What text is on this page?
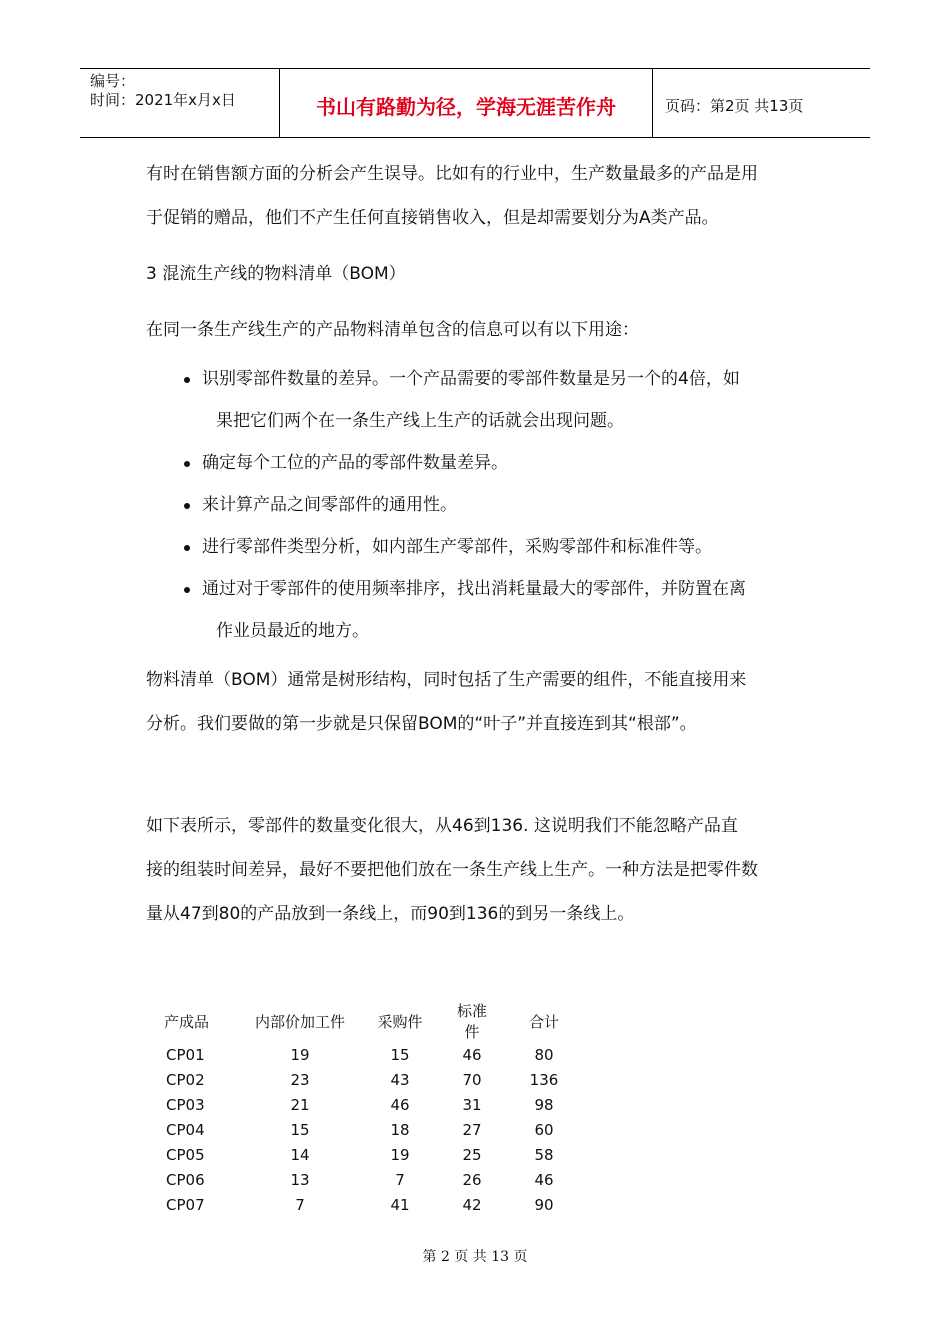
编号：
时间：2021年x月x日	书山有路勤为径，学海无涯苦作舟	页码：第2页 共13页

有时在销售额方面的分析会产生误导。比如有的行业中，生产数量最多的产品是用

于促销的赠品，他们不产生任何直接销售收入，但是却需要划分为A类产品。

3 混流生产线的物料清单（BOM）

在同一条生产线生产的产品物料清单包含的信息可以有以下用途：

识别零部件数量的差异。一个产品需要的零部件数量是另一个的4倍，如
果把它们两个在一条生产线上生产的话就会出现问题。
确定每个工位的产品的零部件数量差异。
来计算产品之间零部件的通用性。
进行零部件类型分析，如内部生产零部件，采购零部件和标准件等。
通过对于零部件的使用频率排序，找出消耗量最大的零部件，并防置在离
作业员最近的地方。

物料清单（BOM）通常是树形结构，同时包括了生产需要的组件，不能直接用来

分析。我们要做的第一步就是只保留BOM的“叶子”并直接连到其“根部”。

如下表所示，零部件的数量变化很大，从46到136. 这说明我们不能忽略产品直

接的组装时间差异，最好不要把他们放在一条生产线上生产。一种方法是把零件数

量从47到80的产品放到一条线上，而90到136的到另一条线上。

产成品	内部价加工件	采购件	标准件	合计
CP01	19	15	46	80
CP02	23	43	70	136
CP03	21	46	31	98
CP04	15	18	27	60
CP05	14	19	25	58
CP06	13	7	26	46
CP07	7	41	42	90
第 2 页 共 13 页
